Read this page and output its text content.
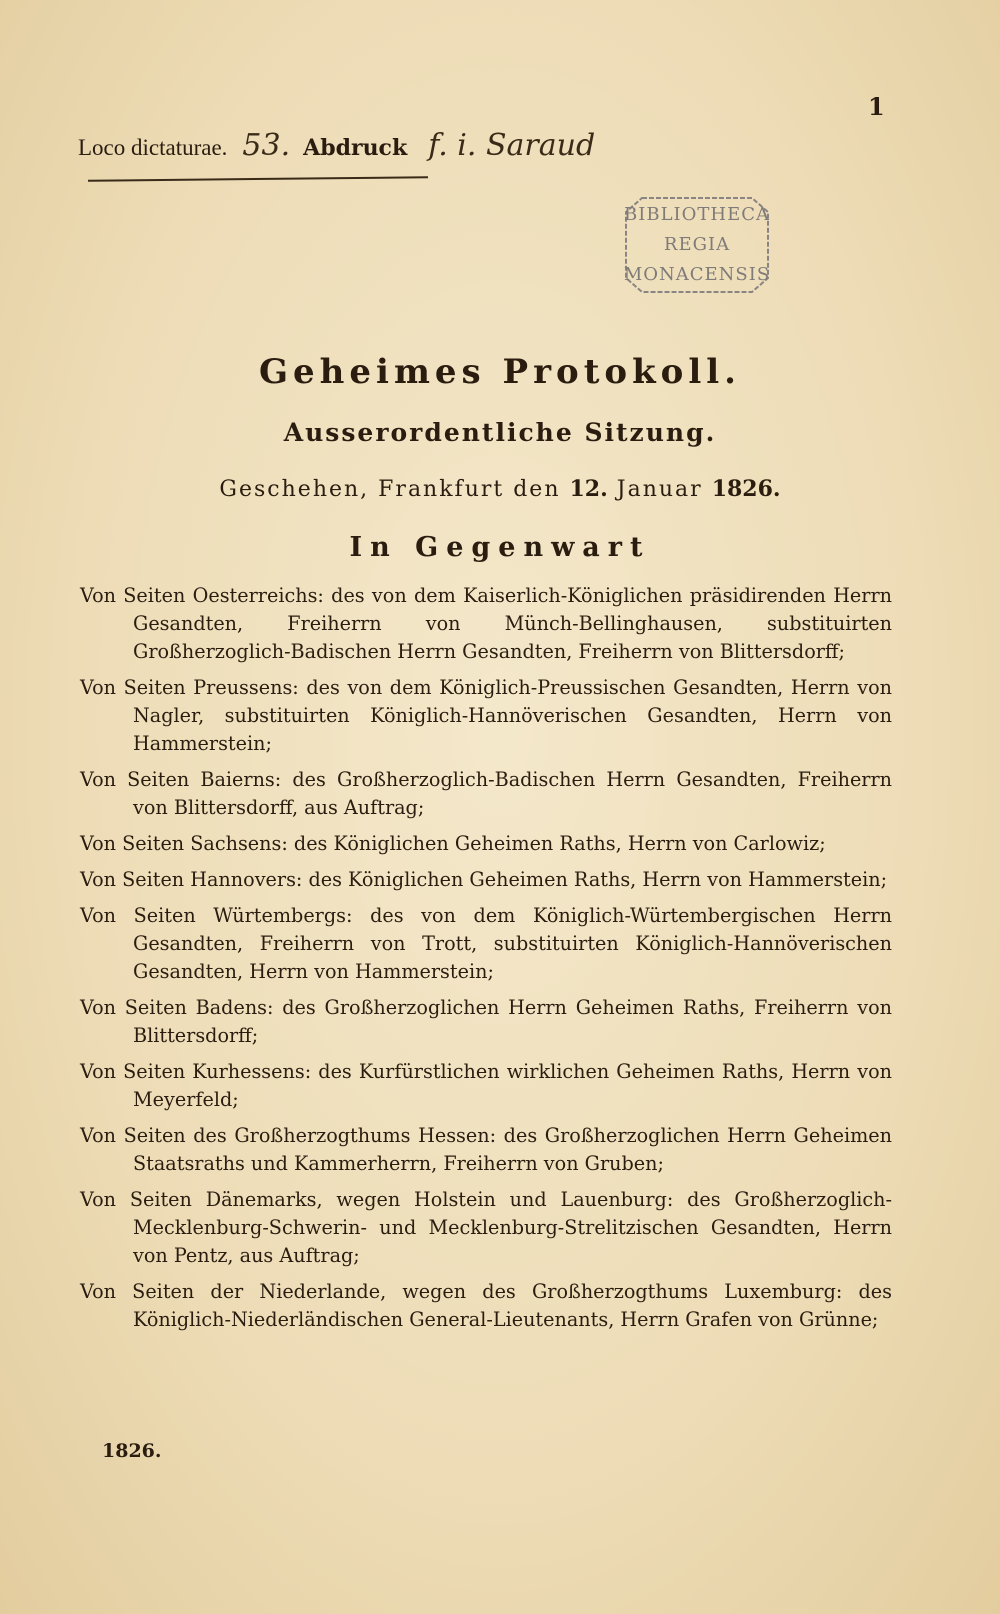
1
Loco dictaturae. 53. Abdruck f. i. Saraud
BIBLIOTHECA
REGIA
MONACENSIS
Geheimes Protokoll.
Ausserordentliche Sitzung.
Geschehen, Frankfurt den 12. Januar 1826.
In Gegenwart

Von Seiten Oesterreichs: des von dem Kaiserlich-Königlichen präsidirenden Herrn Gesandten, Freiherrn von Münch-Bellinghausen, substituirten Großherzoglich-Badischen Herrn Gesandten, Freiherrn von Blittersdorff;

Von Seiten Preussens: des von dem Königlich-Preussischen Gesandten, Herrn von Nagler, substituirten Königlich-Hannöverischen Gesandten, Herrn von Hammerstein;

Von Seiten Baierns: des Großherzoglich-Badischen Herrn Gesandten, Freiherrn von Blittersdorff, aus Auftrag;

Von Seiten Sachsens: des Königlichen Geheimen Raths, Herrn von Carlowiz;

Von Seiten Hannovers: des Königlichen Geheimen Raths, Herrn von Hammerstein;

Von Seiten Würtembergs: des von dem Königlich-Würtembergischen Herrn Gesandten, Freiherrn von Trott, substituirten Königlich-Hannöverischen Gesandten, Herrn von Hammerstein;

Von Seiten Badens: des Großherzoglichen Herrn Geheimen Raths, Freiherrn von Blittersdorff;

Von Seiten Kurhessens: des Kurfürstlichen wirklichen Geheimen Raths, Herrn von Meyerfeld;

Von Seiten des Großherzogthums Hessen: des Großherzoglichen Herrn Geheimen Staatsraths und Kammerherrn, Freiherrn von Gruben;

Von Seiten Dänemarks, wegen Holstein und Lauenburg: des Großherzoglich-Mecklenburg-Schwerin- und Mecklenburg-Strelitzischen Gesandten, Herrn von Pentz, aus Auftrag;

Von Seiten der Niederlande, wegen des Großherzogthums Luxemburg: des Königlich-Niederländischen General-Lieutenants, Herrn Grafen von Grünne;

1826.
